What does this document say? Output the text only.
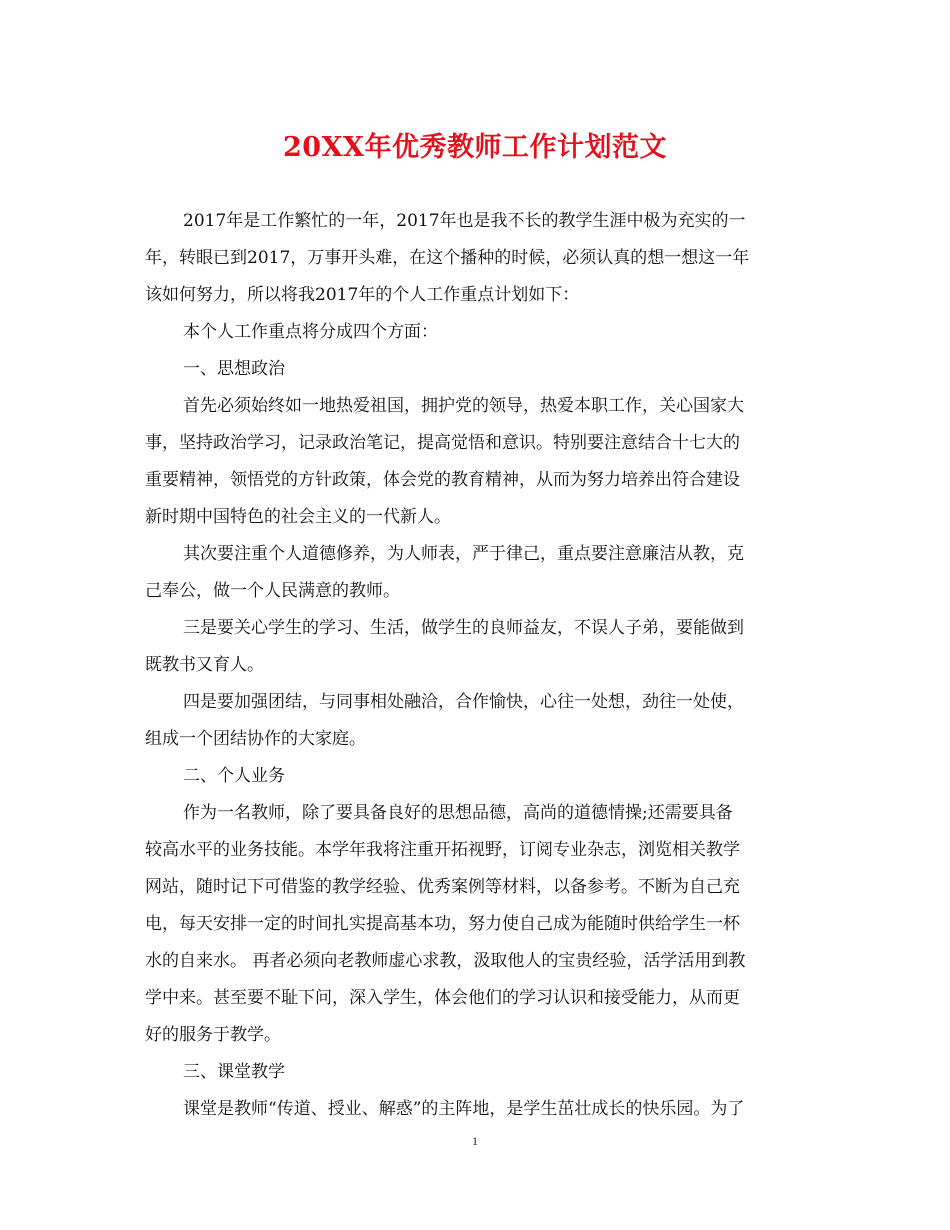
20XX年优秀教师工作计划范文
2017年是工作繁忙的一年，2017年也是我不长的教学生涯中极为充实的一
年，转眼已到2017，万事开头难，在这个播种的时候，必须认真的想一想这一年
该如何努力，所以将我2017年的个人工作重点计划如下：
本个人工作重点将分成四个方面：
一、思想政治
首先必须始终如一地热爱祖国，拥护党的领导，热爱本职工作，关心国家大
事，坚持政治学习，记录政治笔记，提高觉悟和意识。特别要注意结合十七大的
重要精神，领悟党的方针政策，体会党的教育精神，从而为努力培养出符合建设
新时期中国特色的社会主义的一代新人。
其次要注重个人道德修养，为人师表，严于律己，重点要注意廉洁从教，克
己奉公，做一个人民满意的教师。
三是要关心学生的学习、生活，做学生的良师益友，不误人子弟，要能做到
既教书又育人。
四是要加强团结，与同事相处融洽，合作愉快，心往一处想，劲往一处使，
组成一个团结协作的大家庭。
二、个人业务
作为一名教师，除了要具备良好的思想品德，高尚的道德情操;还需要具备
较高水平的业务技能。本学年我将注重开拓视野，订阅专业杂志，浏览相关教学
网站，随时记下可借鉴的教学经验、优秀案例等材料，以备参考。不断为自己充
电，每天安排一定的时间扎实提高基本功，努力使自己成为能随时供给学生一杯
水的自来水。 再者必须向老教师虚心求教，汲取他人的宝贵经验，活学活用到教
学中来。甚至要不耻下问，深入学生，体会他们的学习认识和接受能力，从而更
好的服务于教学。
三、课堂教学
课堂是教师“传道、授业、解惑”的主阵地，是学生茁壮成长的快乐园。为了
1
